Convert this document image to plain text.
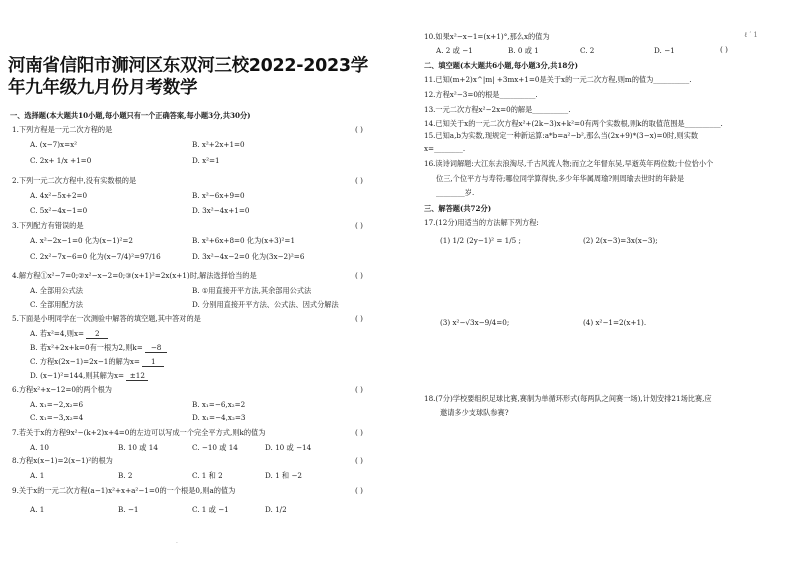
河南省信阳市浉河区东双河三校2022-2023学
年九年级九月份月考数学
ℓ ′ 1
一、选择题(本大题共10小题,每小题只有一个正确答案,每小题3分,共30分)
1.下列方程是一元二次方程的是	( )
A. (x−7)x=x²	B. x²+2x+1=0
C. 2x+ 1/x +1=0	D. x²=1
2.下列一元二次方程中,没有实数根的是	( )
A. 4x²−5x+2=0	B. x²−6x+9=0
C. 5x²−4x−1=0	D. 3x²−4x+1=0
3.下列配方有错误的是	( )
A. x²−2x−1=0 化为(x−1)²=2	B. x²+6x+8=0 化为(x+3)²=1
C. 2x²−7x−6=0 化为(x−7/4)²=97/16	D. 3x²−4x−2=0 化为(3x−2)²=6
4.解方程①x²−7=0;②x²−x−2=0;③(x+1)²=2x(x+1)时,解法选择恰当的是	( )
A. 全部用公式法	B. ①用直接开平方法,其余部用公式法
C. 全部用配方法	D. 分别用直接开平方法、公式法、因式分解法
5.下面是小明同学在一次测验中解答的填空题,其中答对的是	( )
A. 若x²=4,则x= 2
B. 若x²+2x+k=0有一根为2,则k= −8
C. 方程x(2x−1)=2x−1的解为x= 1
D. (x−1)²=144,则其解为x= ±12
6.方程x²+x−12=0的两个根为	( )
A. x₁=−2,x₂=6	B. x₁=−6,x₂=2
C. x₁=−3,x₂=4	D. x₁=−4,x₂=3
7.若关于x的方程9x²−(k+2)x+4=0的左边可以写成一个完全平方式,则k的值为	( )
A. 10	B. 10 或 14	C. −10 或 14	D. 10 或 −14
8.方程x(x−1)=2(x−1)²的根为	( )
A. 1	B. 2	C. 1 和 2	D. 1 和 −2
9.关于x的一元二次方程(a−1)x²+x+a²−1=0的一个根是0,则a的值为	( )
A. 1	B. −1	C. 1 或 −1	D. 1/2
·
10.如果x²−x−1=(x+1)°,那么x的值为
( )
A. 2 或 −1	B. 0 或 1	C. 2	D. −1
二、填空题(本大题共6小题,每小题3分,共18分)
11.已知(m+2)x^|m| +3mx+1=0是关于x的一元二次方程,则m的值为__________.
12.方程x²−3=0的根是__________.
13.一元二次方程x²−2x=0的解是__________.
14.已知关于x的一元二次方程x²+(2k−3)x+k²=0有两个实数根,则k的取值范围是__________.
15.已知a,b为实数,现规定一种新运算:a*b=a²−b²,那么当(2x+9)*(3−x)=0时,则实数
x=________.
16.读诗词解题:大江东去浪淘尽,千古风流人物;而立之年督东吴,早逝英年两位数;十位恰小个
位三,个位平方与寿符;哪位同学算得快,多少年华属周瑜?则周瑜去世时的年龄是
________岁.
三、解答题(共72分)
17.(12分)用适当的方法解下列方程:
(1) 1/2 (2y−1)² = 1/5 ;	(2) 2(x−3)=3x(x−3);
(3) x²−√3x−9/4=0;	(4) x²−1=2(x+1).
18.(7分)学校要组织足球比赛,赛制为单循环形式(每两队之间赛一场),计划安排21场比赛,应
邀请多少支球队参赛?
